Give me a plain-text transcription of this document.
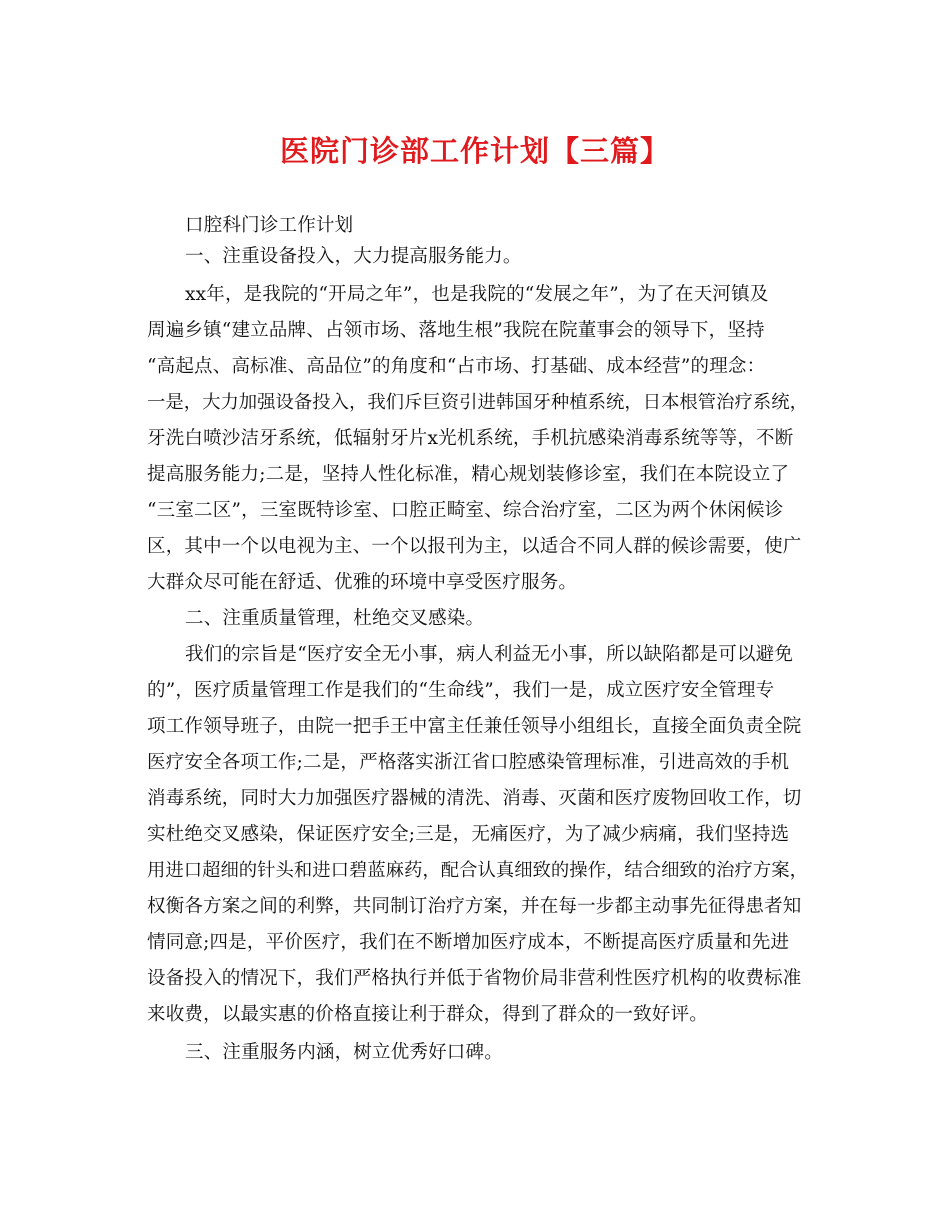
医院门诊部工作计划【三篇】
口腔科门诊工作计划
一、注重设备投入，大力提高服务能力。
xx年，是我院的“开局之年”，也是我院的“发展之年”，为了在天河镇及
周遍乡镇“建立品牌、占领市场、落地生根”我院在院董事会的领导下，坚持
“高起点、高标准、高品位”的角度和“占市场、打基础、成本经营”的理念：
一是，大力加强设备投入，我们斥巨资引进韩国牙种植系统，日本根管治疗系统，
牙洗白喷沙洁牙系统，低辐射牙片x光机系统，手机抗感染消毒系统等等，不断
提高服务能力;二是，坚持人性化标准，精心规划装修诊室，我们在本院设立了
“三室二区”，三室既特诊室、口腔正畸室、综合治疗室，二区为两个休闲候诊
区，其中一个以电视为主、一个以报刊为主，以适合不同人群的候诊需要，使广
大群众尽可能在舒适、优雅的环境中享受医疗服务。
二、注重质量管理，杜绝交叉感染。
我们的宗旨是“医疗安全无小事，病人利益无小事，所以缺陷都是可以避免
的”，医疗质量管理工作是我们的“生命线”，我们一是，成立医疗安全管理专
项工作领导班子，由院一把手王中富主任兼任领导小组组长，直接全面负责全院
医疗安全各项工作;二是，严格落实浙江省口腔感染管理标准，引进高效的手机
消毒系统，同时大力加强医疗器械的清洗、消毒、灭菌和医疗废物回收工作，切
实杜绝交叉感染，保证医疗安全;三是，无痛医疗，为了减少病痛，我们坚持选
用进口超细的针头和进口碧蓝麻药，配合认真细致的操作，结合细致的治疗方案，
权衡各方案之间的利弊，共同制订治疗方案，并在每一步都主动事先征得患者知
情同意;四是，平价医疗，我们在不断增加医疗成本，不断提高医疗质量和先进
设备投入的情况下，我们严格执行并低于省物价局非营利性医疗机构的收费标准
来收费，以最实惠的价格直接让利于群众，得到了群众的一致好评。
三、注重服务内涵，树立优秀好口碑。
